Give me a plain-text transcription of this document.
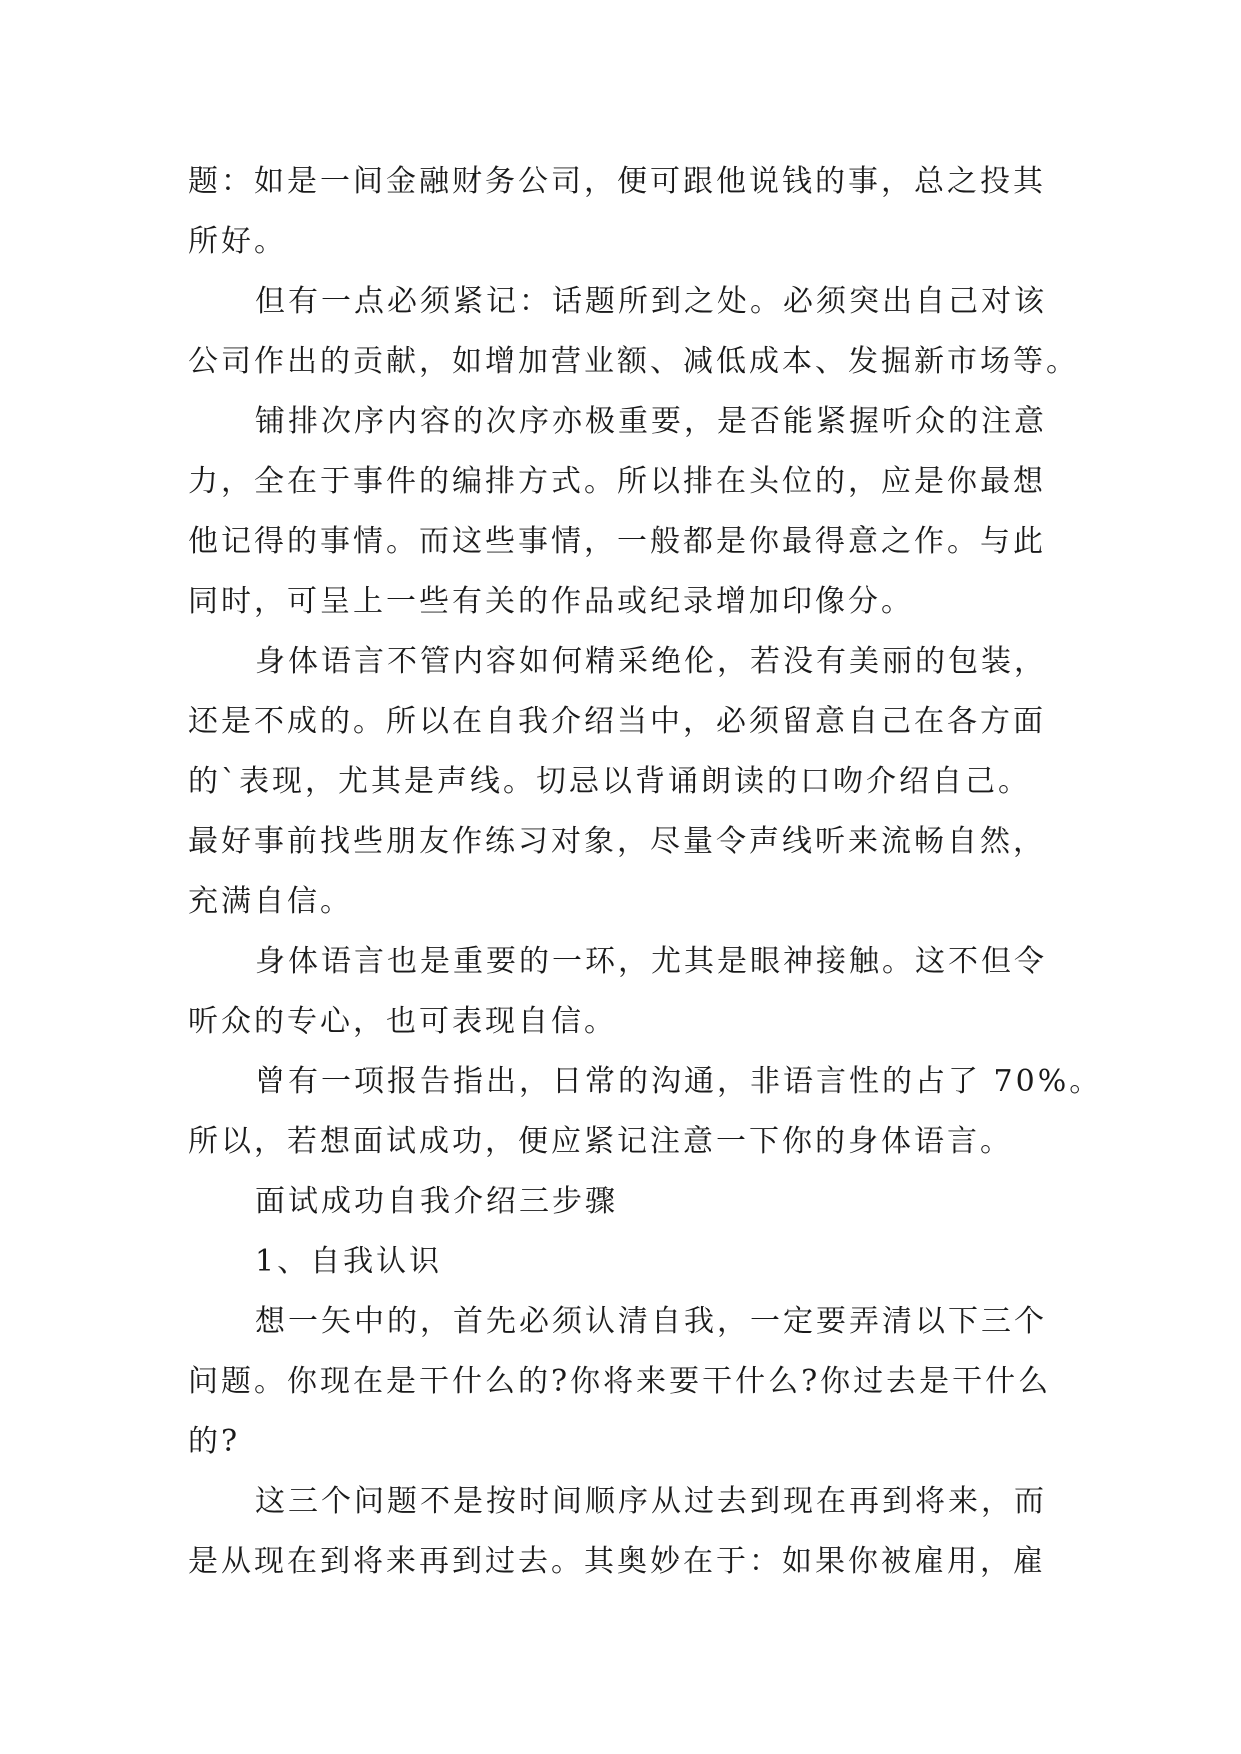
题：如是一间金融财务公司，便可跟他说钱的事，总之投其
所好。
但有一点必须紧记：话题所到之处。必须突出自己对该
公司作出的贡献，如增加营业额、减低成本、发掘新市场等。
铺排次序内容的次序亦极重要，是否能紧握听众的注意
力，全在于事件的编排方式。所以排在头位的，应是你最想
他记得的事情。而这些事情，一般都是你最得意之作。与此
同时，可呈上一些有关的作品或纪录增加印像分。
身体语言不管内容如何精采绝伦，若没有美丽的包装，
还是不成的。所以在自我介绍当中，必须留意自己在各方面
的`表现，尤其是声线。切忌以背诵朗读的口吻介绍自己。
最好事前找些朋友作练习对象，尽量令声线听来流畅自然，
充满自信。
身体语言也是重要的一环，尤其是眼神接触。这不但令
听众的专心，也可表现自信。
曾有一项报告指出，日常的沟通，非语言性的占了 70%。
所以，若想面试成功，便应紧记注意一下你的身体语言。
面试成功自我介绍三步骤
1、自我认识
想一矢中的，首先必须认清自我，一定要弄清以下三个
问题。你现在是干什么的?你将来要干什么?你过去是干什么
的?
这三个问题不是按时间顺序从过去到现在再到将来，而
是从现在到将来再到过去。其奥妙在于：如果你被雇用，雇
